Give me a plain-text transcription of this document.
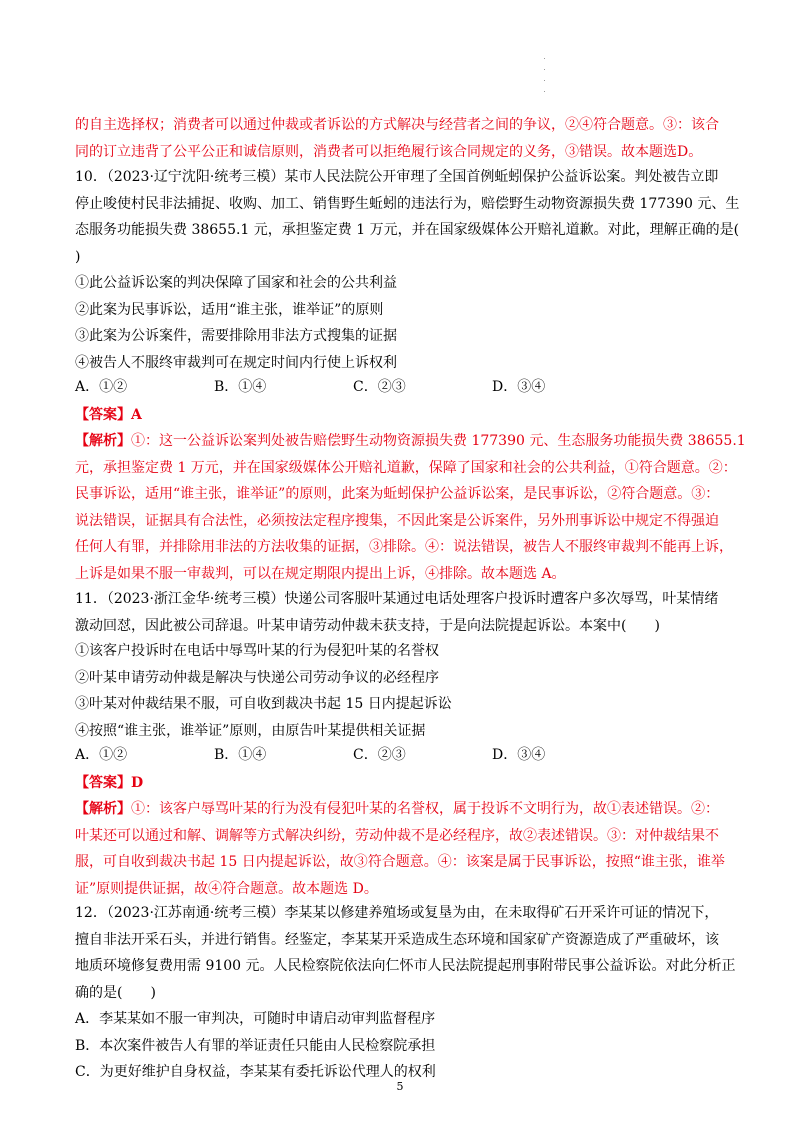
的自主选择权；消费者可以通过仲裁或者诉讼的方式解决与经营者之间的争议，②④符合题意。③：该合
同的订立违背了公平公正和诚信原则，消费者可以拒绝履行该合同规定的义务，③错误。故本题选D。
10．（2023·辽宁沈阳·统考三模）某市人民法院公开审理了全国首例蚯蚓保护公益诉讼案。判处被告立即
停止唆使村民非法捕捉、收购、加工、销售野生蚯蚓的违法行为，赔偿野生动物资源损失费 177390 元、生
态服务功能损失费 38655.1 元，承担鉴定费 1 万元，并在国家级媒体公开赔礼道歉。对此，理解正确的是(
)
①此公益诉讼案的判决保障了国家和社会的公共利益
②此案为民事诉讼，适用“谁主张，谁举证”的原则
③此案为公诉案件，需要排除用非法方式搜集的证据
④被告人不服终审裁判可在规定时间内行使上诉权利
A．①②	B．①④	C．②③	D．③④
【答案】A
【解析】①：这一公益诉讼案判处被告赔偿野生动物资源损失费 177390 元、生态服务功能损失费 38655.1
元，承担鉴定费 1 万元，并在国家级媒体公开赔礼道歉，保障了国家和社会的公共利益，①符合题意。②：
民事诉讼，适用“谁主张，谁举证”的原则，此案为蚯蚓保护公益诉讼案，是民事诉讼，②符合题意。③：
说法错误，证据具有合法性，必须按法定程序搜集，不因此案是公诉案件，另外刑事诉讼中规定不得强迫
任何人有罪，并排除用非法的方法收集的证据，③排除。④：说法错误，被告人不服终审裁判不能再上诉，
上诉是如果不服一审裁判，可以在规定期限内提出上诉，④排除。故本题选 A。
11．（2023·浙江金华·统考三模）快递公司客服叶某通过电话处理客户投诉时遭客户多次辱骂，叶某情绪
激动回怼，因此被公司辞退。叶某申请劳动仲裁未获支持，于是向法院提起诉讼。本案中(　　)
①该客户投诉时在电话中辱骂叶某的行为侵犯叶某的名誉权
②叶某申请劳动仲裁是解决与快递公司劳动争议的必经程序
③叶某对仲裁结果不服，可自收到裁决书起 15 日内提起诉讼
④按照“谁主张，谁举证”原则，由原告叶某提供相关证据
A．①②	B．①④	C．②③	D．③④
【答案】D
【解析】①：该客户辱骂叶某的行为没有侵犯叶某的名誉权，属于投诉不文明行为，故①表述错误。②：
叶某还可以通过和解、调解等方式解决纠纷，劳动仲裁不是必经程序，故②表述错误。③：对仲裁结果不
服，可自收到裁决书起 15 日内提起诉讼，故③符合题意。④：该案是属于民事诉讼，按照“谁主张，谁举
证”原则提供证据，故④符合题意。故本题选 D。
12．（2023·江苏南通·统考三模）李某某以修建养殖场或复垦为由，在未取得矿石开采许可证的情况下，
擅自非法开采石头，并进行销售。经鉴定，李某某开采造成生态环境和国家矿产资源造成了严重破坏，该
地质环境修复费用需 9100 元。人民检察院依法向仁怀市人民法院提起刑事附带民事公益诉讼。对此分析正
确的是(　　)
A．李某某如不服一审判决，可随时申请启动审判监督程序
B．本次案件被告人有罪的举证责任只能由人民检察院承担
C．为更好维护自身权益，李某某有委托诉讼代理人的权利
5
